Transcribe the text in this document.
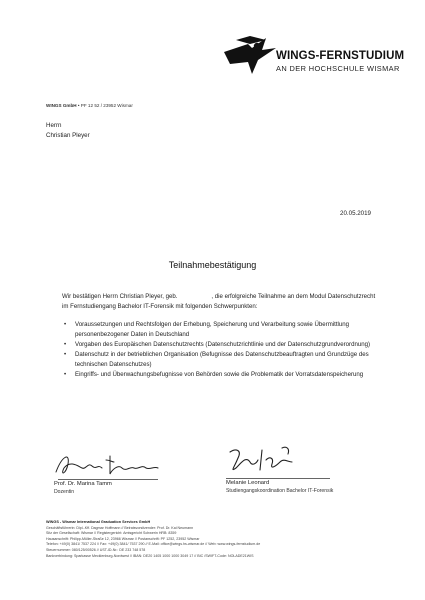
WINGS-FERNSTUDIUM
AN DER HOCHSCHULE WISMAR
WINGS GmbH • PF 12 52 / 23952 Wismar
Herrn
Christian Pleyer
20.05.2019
Teilnahmebestätigung
Wir bestätigen Herrn Christian Pleyer, geb.                    , die erfolgreiche Teilnahme an dem Modul Datenschutzrecht im Fernstudiengang Bachelor IT-Forensik mit folgenden Schwerpunkten:
• Voraussetzungen und Rechtsfolgen der Erhebung, Speicherung und Verarbeitung sowie Übermittlung personenbezogener Daten in Deutschland
• Vorgaben des Europäischen Datenschutzrechts (Datenschutzrichtlinie und der Datenschutzgrundverordnung)
• Datenschutz in der betrieblichen Organisation (Befugnisse des Datenschutzbeauftragten und Grundzüge des technischen Datenschutzes)
• Eingriffs- und Überwachungsbefugnisse von Behörden sowie die Problematik der Vorratsdatenspeicherung
Prof. Dr. Marina Tamm
Dozentin
Melanie Leonard
Studiengangskoordination Bachelor IT-Forensik
WINGS - Wismar International Graduation Services GmbH
Geschäftsführerin: Dipl.-Kff. Dagmar Hoffmann // Beiratsvorsitzender: Prof. Dr. Kai Neumann
Sitz der Gesellschaft: Wismar // Registergericht: Amtsgericht Schwerin HRB: 8359
Hausanschrift: Philipp-Müller-Straße 12, 23966 Wismar // Postanschrift: PF 1252, 23952 Wismar
Telefon: +49(0) 3841/ 7537 224 // Fax: +49(0) 3841/ 7537 290 // E-Mail: office@wings.hs-wismar.de // Web: www.wings-fernstudium.de
Steuernummer: 080/125/00526 // UST-ID-Nr.: DE 233 748 578
Bankverbindung: Sparkasse Mecklenburg-Nordwest // IBAN: DE20 1405 1000 1000 3049 17 // BIC /SWIFT-Code: NOLADE21WIS
